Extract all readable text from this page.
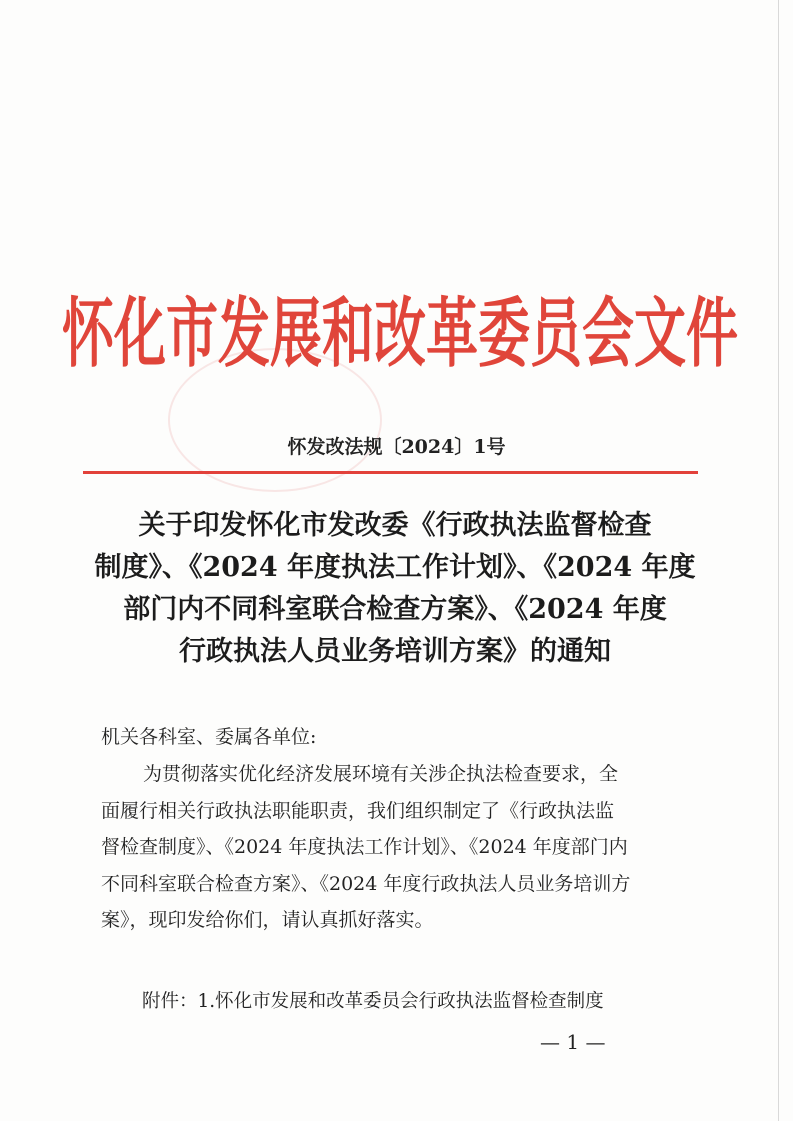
怀化市发展和改革委员会文件
怀发改法规〔2024〕1号
关于印发怀化市发改委《行政执法监督检查
制度》、《2024 年度执法工作计划》、《2024 年度
部门内不同科室联合检查方案》、《2024 年度
行政执法人员业务培训方案》的通知
机关各科室、委属各单位:
为贯彻落实优化经济发展环境有关涉企执法检查要求，全
面履行相关行政执法职能职责，我们组织制定了《行政执法监
督检查制度》、《2024 年度执法工作计划》、《2024 年度部门内
不同科室联合检查方案》、《2024 年度行政执法人员业务培训方
案》，现印发给你们，请认真抓好落实。
附件：1.怀化市发展和改革委员会行政执法监督检查制度
— 1 —
